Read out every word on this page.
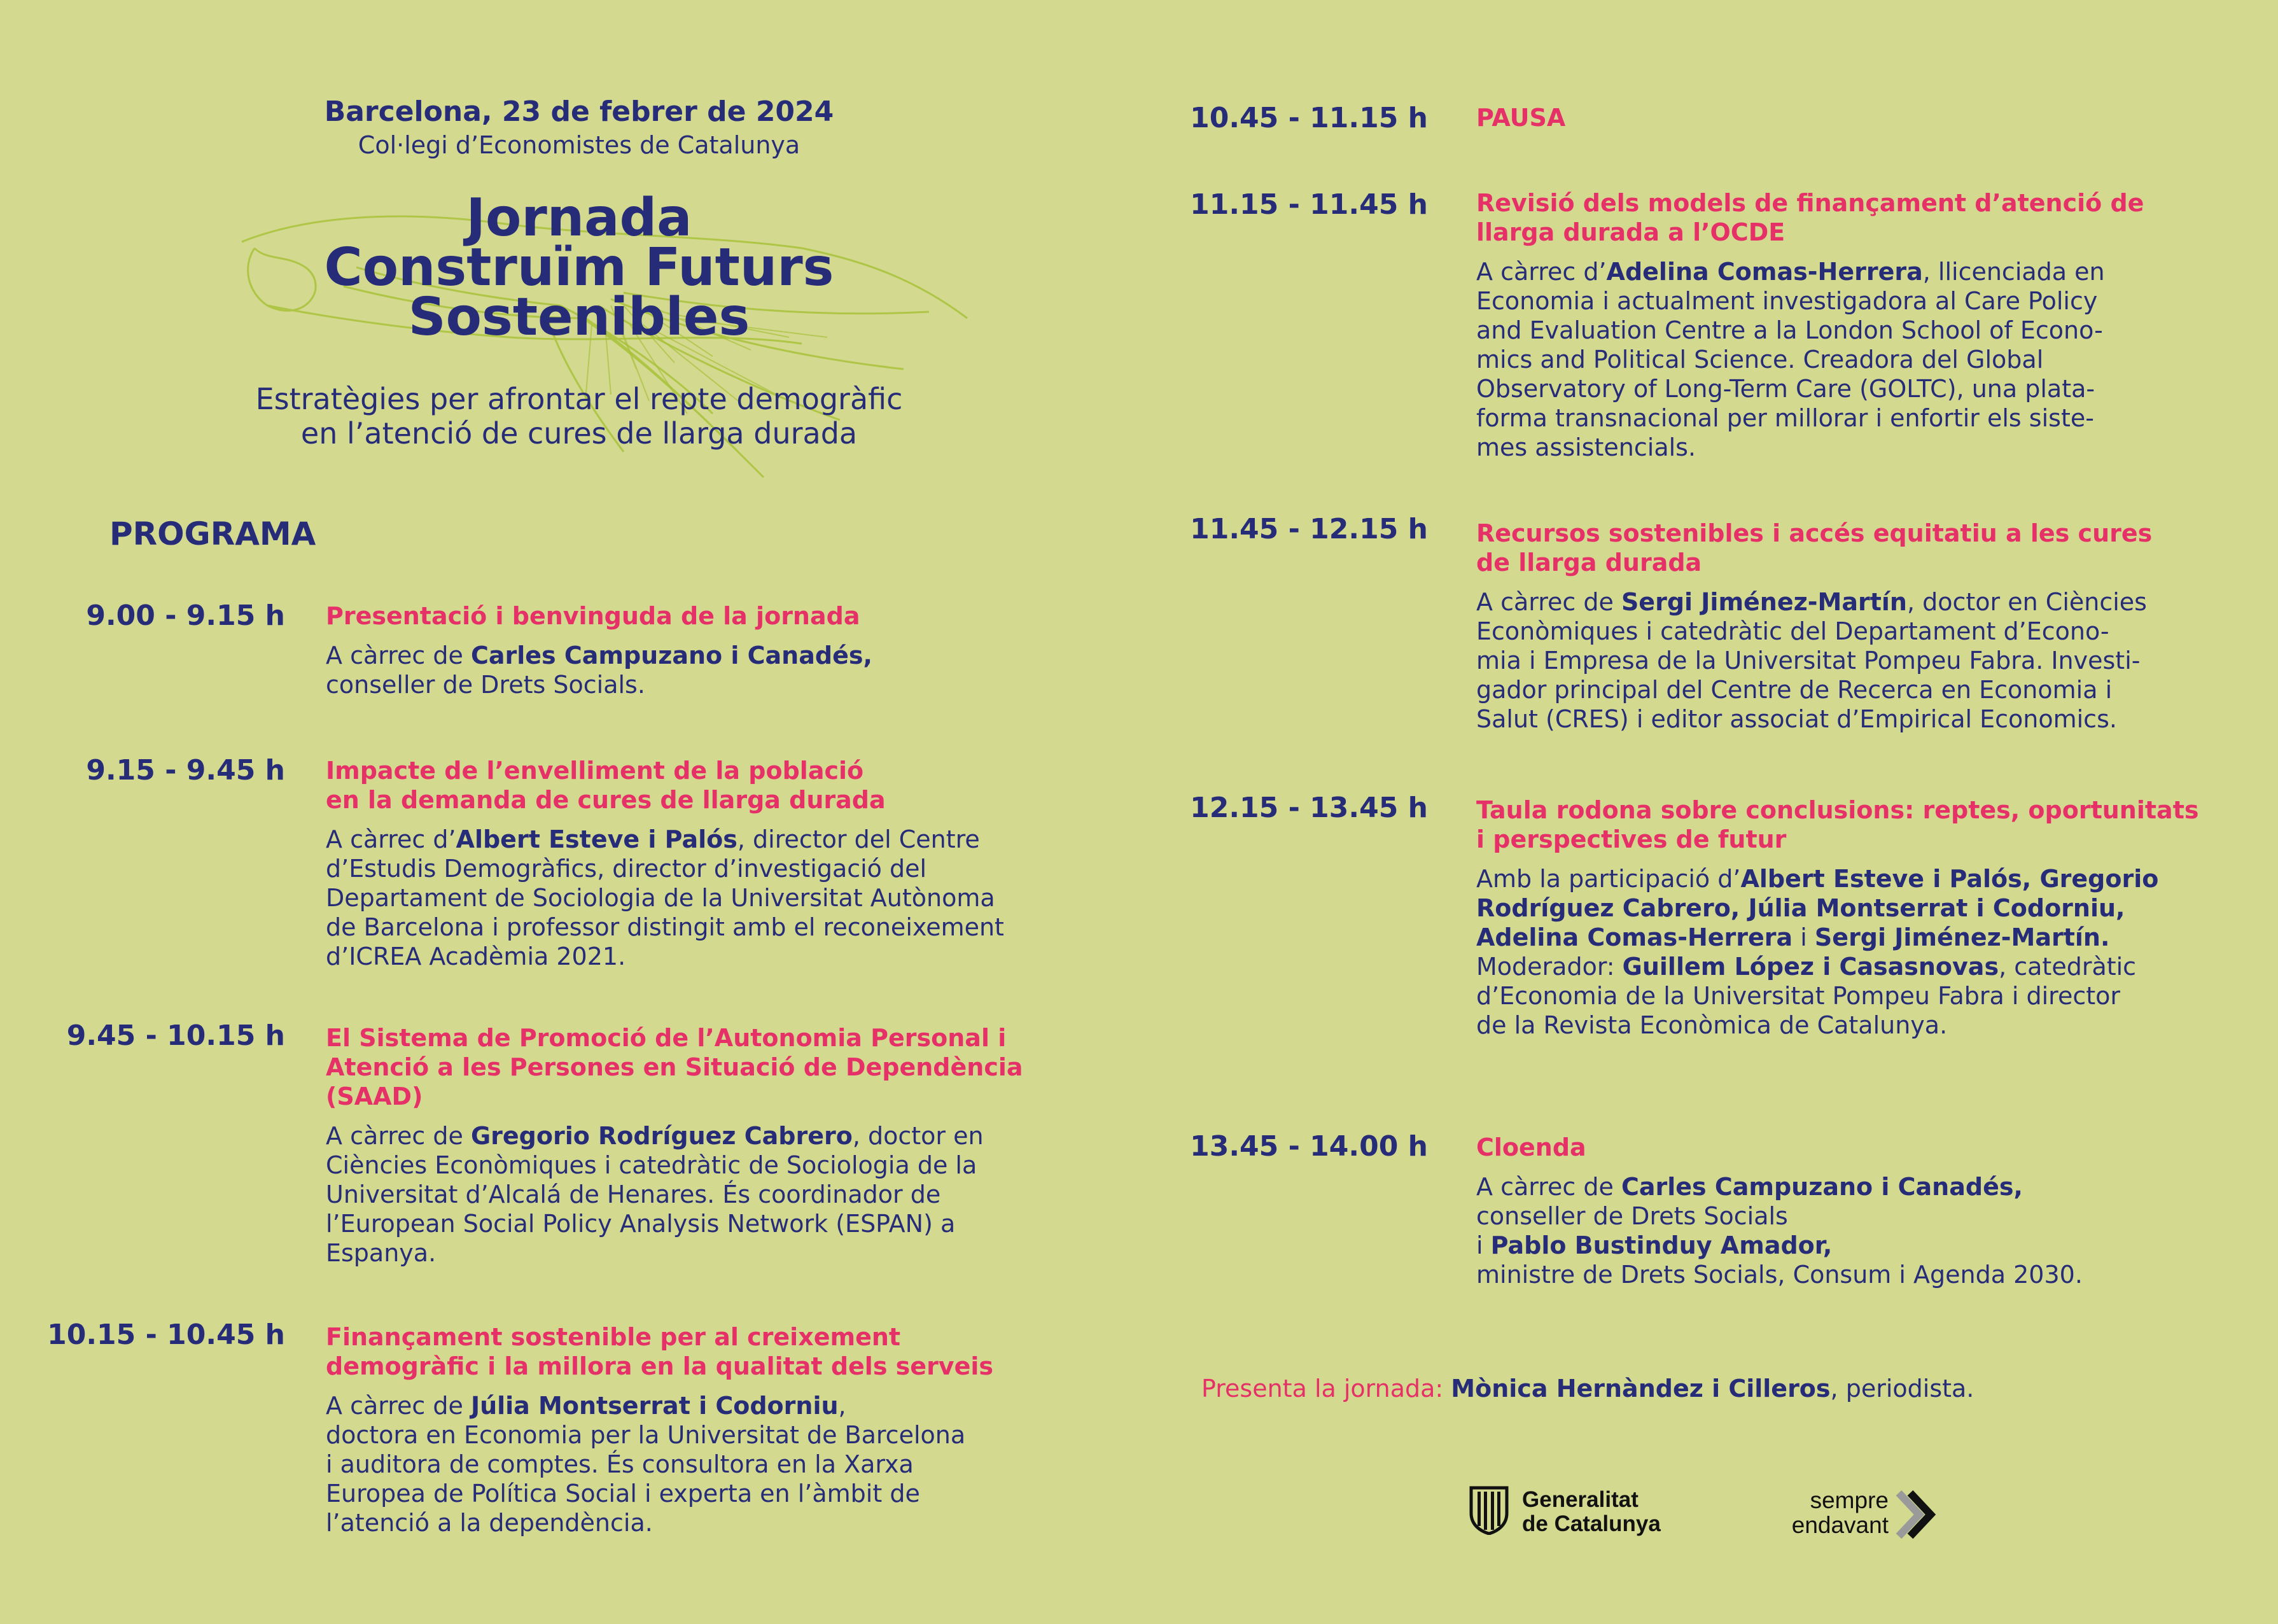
Barcelona, 23 de febrer de 2024
Col·legi d’Economistes de Catalunya
Jornada
Construïm Futurs
Sostenibles
Estratègies per afrontar el repte demogràfic
en l’atenció de cures de llarga durada
PROGRAMA
9.00 - 9.15 h Presentació i benvinguda de la jornada
A càrrec de Carles Campuzano i Canadés,
conseller de Drets Socials.
9.15 - 9.45 h Impacte de l’envelliment de la població
en la demanda de cures de llarga durada
A càrrec d’Albert Esteve i Palós, director del Centre
d’Estudis Demogràfics, director d’investigació del
Departament de Sociologia de la Universitat Autònoma
de Barcelona i professor distingit amb el reconeixement
d’ICREA Acadèmia 2021.
9.45 - 10.15 h El Sistema de Promoció de l’Autonomia Personal i
Atenció a les Persones en Situació de Dependència
(SAAD)
A càrrec de Gregorio Rodríguez Cabrero, doctor en
Ciències Econòmiques i catedràtic de Sociologia de la
Universitat d’Alcalá de Henares. És coordinador de
l’European Social Policy Analysis Network (ESPAN) a
Espanya.
10.15 - 10.45 h Finançament sostenible per al creixement
demogràfic i la millora en la qualitat dels serveis
A càrrec de Júlia Montserrat i Codorniu,
doctora en Economia per la Universitat de Barcelona
i auditora de comptes. És consultora en la Xarxa
Europea de Política Social i experta en l’àmbit de
l’atenció a la dependència.
10.45 - 11.15 h PAUSA
11.15 - 11.45 h Revisió dels models de finançament d’atenció de
llarga durada a l’OCDE
A càrrec d’Adelina Comas-Herrera, llicenciada en
Economia i actualment investigadora al Care Policy
and Evaluation Centre a la London School of Econo-
mics and Political Science. Creadora del Global
Observatory of Long-Term Care (GOLTC), una plata-
forma transnacional per millorar i enfortir els siste-
mes assistencials.
11.45 - 12.15 h Recursos sostenibles i accés equitatiu a les cures
de llarga durada
A càrrec de Sergi Jiménez-Martín, doctor en Ciències
Econòmiques i catedràtic del Departament d’Econo-
mia i Empresa de la Universitat Pompeu Fabra. Investi-
gador principal del Centre de Recerca en Economia i
Salut (CRES) i editor associat d’Empirical Economics.
12.15 - 13.45 h Taula rodona sobre conclusions: reptes, oportunitats
i perspectives de futur
Amb la participació d’Albert Esteve i Palós, Gregorio
Rodríguez Cabrero, Júlia Montserrat i Codorniu,
Adelina Comas-Herrera i Sergi Jiménez-Martín.
Moderador: Guillem López i Casasnovas, catedràtic
d’Economia de la Universitat Pompeu Fabra i director
de la Revista Econòmica de Catalunya.
13.45 - 14.00 h Cloenda
A càrrec de Carles Campuzano i Canadés,
conseller de Drets Socials
i Pablo Bustinduy Amador,
ministre de Drets Socials, Consum i Agenda 2030.
Presenta la jornada: Mònica Hernàndez i Cilleros, periodista.
Generalitat
de Catalunya
sempre
endavant
